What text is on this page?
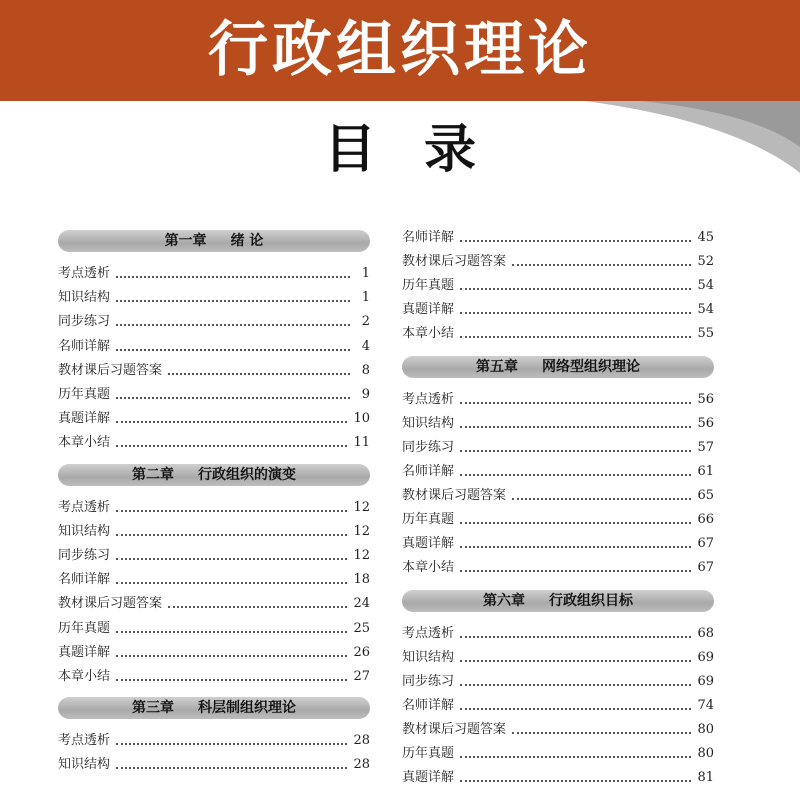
行政组织理论
目录
第一章 绪 论
考点透析	1
知识结构	1
同步练习	2
名师详解	4
教材课后习题答案	8
历年真题	9
真题详解	10
本章小结	11
第二章 行政组织的演变
考点透析	12
知识结构	12
同步练习	12
名师详解	18
教材课后习题答案	24
历年真题	25
真题详解	26
本章小结	27
第三章 科层制组织理论
考点透析	28
知识结构	28
名师详解	45
教材课后习题答案	52
历年真题	54
真题详解	54
本章小结	55
第五章 网络型组织理论
考点透析	56
知识结构	56
同步练习	57
名师详解	61
教材课后习题答案	65
历年真题	66
真题详解	67
本章小结	67
第六章 行政组织目标
考点透析	68
知识结构	69
同步练习	69
名师详解	74
教材课后习题答案	80
历年真题	80
真题详解	81
